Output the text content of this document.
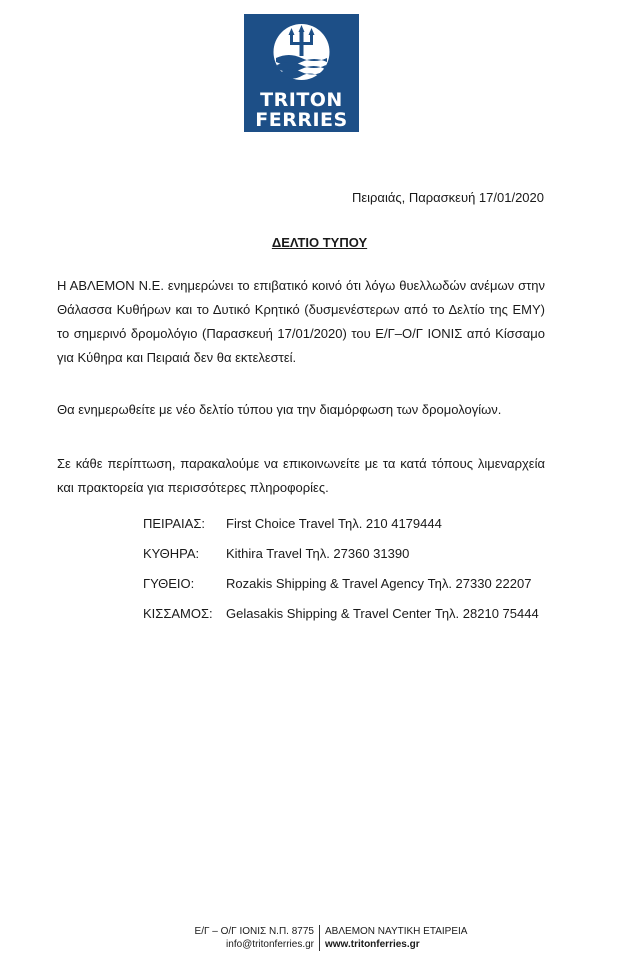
TRITON
FERRIES
Πειραιάς, Παρασκευή 17/01/2020
ΔΕΛΤΙΟ ΤΥΠΟΥ

Η ΑΒΛΕΜΟΝ Ν.Ε. ενημερώνει το επιβατικό κοινό ότι λόγω θυελλωδών ανέμων στην Θάλασσα Κυθήρων και το Δυτικό Κρητικό (δυσμενέστερων από το Δελτίο της ΕΜΥ) το σημερινό δρομολόγιο (Παρασκευή 17/01/2020) του Ε/Γ–Ο/Γ ΙΟΝΙΣ από Κίσσαμο για Κύθηρα και Πειραιά δεν θα εκτελεστεί.

Θα ενημερωθείτε με νέο δελτίο τύπου για την διαμόρφωση των δρομολογίων.

Σε κάθε περίπτωση, παρακαλούμε να επικοινωνείτε με τα κατά τόπους λιμεναρχεία και πρακτορεία για περισσότερες πληροφορίες.

ΠΕΙΡΑΙΑΣ:	First Choice Travel Τηλ. 210 4179444
ΚΥΘΗΡΑ:	Kithira Travel Τηλ. 27360 31390
ΓΥΘΕΙΟ:	Rozakis Shipping & Travel Agency Τηλ. 27330 22207
ΚΙΣΣΑΜΟΣ:	Gelasakis Shipping & Travel Center Τηλ. 28210 75444
Ε/Γ – Ο/Γ ΙΟΝΙΣ Ν.Π. 8775	ΑΒΛΕΜΟΝ ΝΑΥΤΙΚΗ ΕΤΑΙΡΕΙΑ
info@tritonferries.gr	www.tritonferries.gr
